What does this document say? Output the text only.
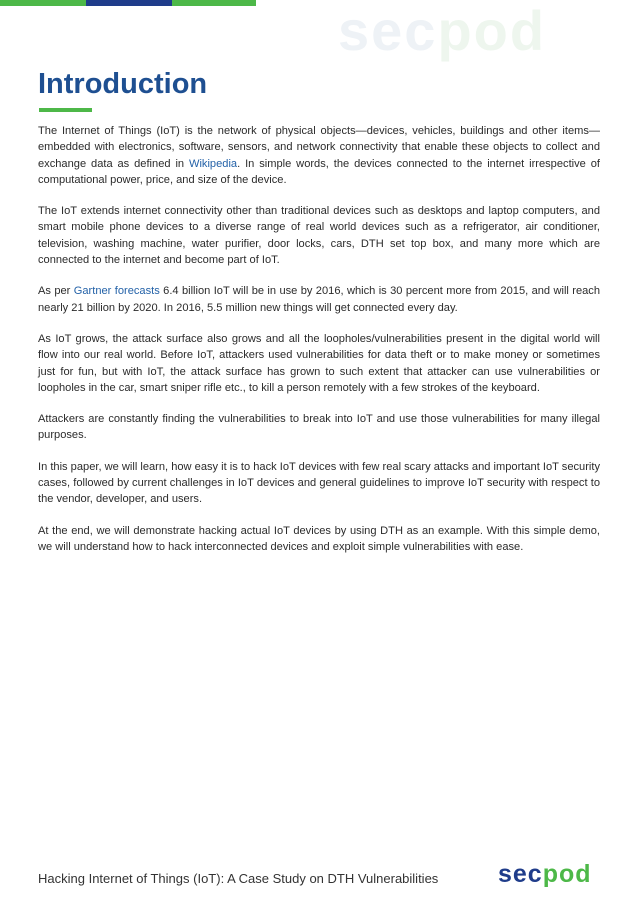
secpod
Introduction

The Internet of Things (IoT) is the network of physical objects—devices, vehicles, buildings and other items—embedded with electronics, software, sensors, and network connectivity that enable these objects to collect and exchange data as defined in Wikipedia. In simple words, the devices connected to the internet irrespective of computational power, price, and size of the device.

The IoT extends internet connectivity other than traditional devices such as desktops and laptop computers, and smart mobile phone devices to a diverse range of real world devices such as a refrigerator, air conditioner, television, washing machine, water purifier, door locks, cars, DTH set top box, and many more which are connected to the internet and become part of IoT.

As per Gartner forecasts 6.4 billion IoT will be in use by 2016, which is 30 percent more from 2015, and will reach nearly 21 billion by 2020. In 2016, 5.5 million new things will get connected every day.

As IoT grows, the attack surface also grows and all the loopholes/vulnerabilities present in the digital world will flow into our real world. Before IoT, attackers used vulnerabilities for data theft or to make money or sometimes just for fun, but with IoT, the attack surface has grown to such extent that attacker can use vulnerabilities or loopholes in the car, smart sniper rifle etc., to kill a person remotely with a few strokes of the keyboard.

Attackers are constantly finding the vulnerabilities to break into IoT and use those vulnerabilities for many illegal purposes.

In this paper, we will learn, how easy it is to hack IoT devices with few real scary attacks and important IoT security cases, followed by current challenges in IoT devices and general guidelines to improve IoT security with respect to the vendor, developer, and users.

At the end, we will demonstrate hacking actual IoT devices by using DTH as an example. With this simple demo, we will understand how to hack interconnected devices and exploit simple vulnerabilities with ease.

Hacking Internet of Things (IoT): A Case Study on DTH Vulnerabilities secpod
